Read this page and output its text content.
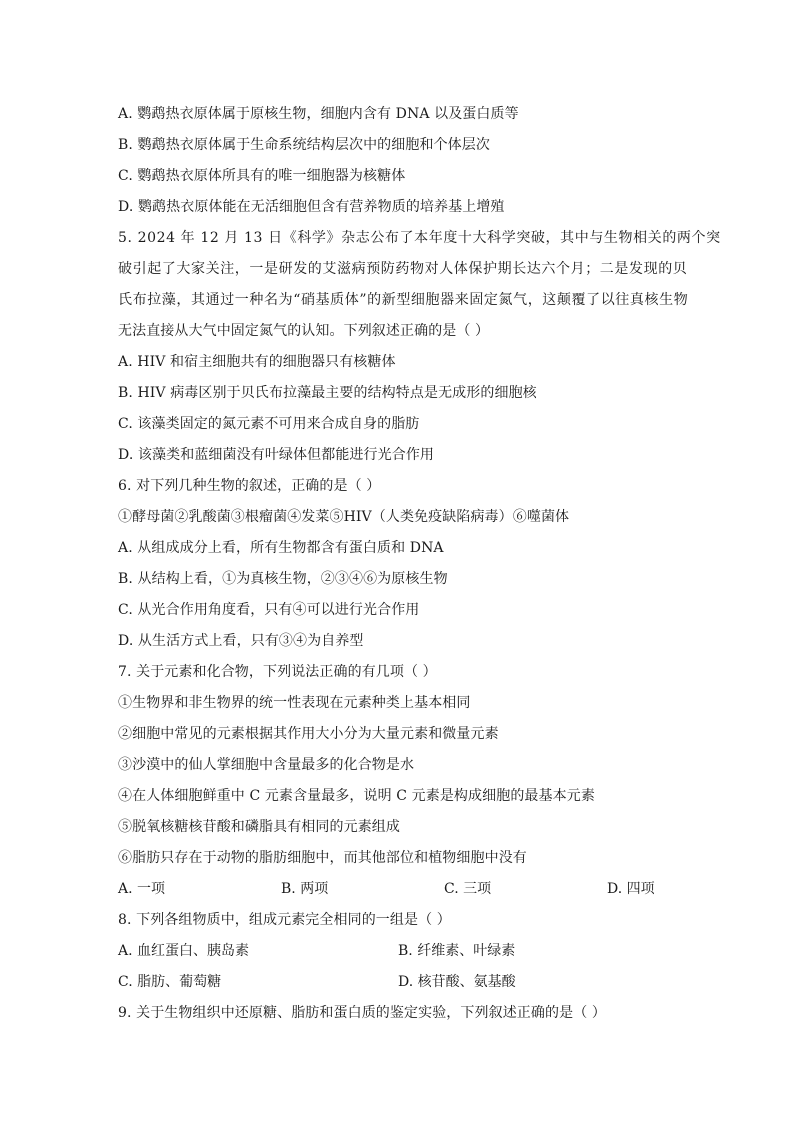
A. 鹦鹉热衣原体属于原核生物，细胞内含有 DNA 以及蛋白质等
B. 鹦鹉热衣原体属于生命系统结构层次中的细胞和个体层次
C. 鹦鹉热衣原体所具有的唯一细胞器为核糖体
D. 鹦鹉热衣原体能在无活细胞但含有营养物质的培养基上增殖
5. 2024 年 12 月 13 日《科学》杂志公布了本年度十大科学突破，其中与生物相关的两个突
破引起了大家关注，一是研发的艾滋病预防药物对人体保护期长达六个月；二是发现的贝
氏布拉藻，其通过一种名为“硝基质体”的新型细胞器来固定氮气，这颠覆了以往真核生物
无法直接从大气中固定氮气的认知。下列叙述正确的是（ ）
A. HIV 和宿主细胞共有的细胞器只有核糖体
B. HIV 病毒区别于贝氏布拉藻最主要的结构特点是无成形的细胞核
C. 该藻类固定的氮元素不可用来合成自身的脂肪
D. 该藻类和蓝细菌没有叶绿体但都能进行光合作用
6. 对下列几种生物的叙述，正确的是（ ）
①酵母菌②乳酸菌③根瘤菌④发菜⑤HIV（人类免疫缺陷病毒）⑥噬菌体
A. 从组成成分上看，所有生物都含有蛋白质和 DNA
B. 从结构上看，①为真核生物，②③④⑥为原核生物
C. 从光合作用角度看，只有④可以进行光合作用
D. 从生活方式上看，只有③④为自养型
7. 关于元素和化合物，下列说法正确的有几项（ ）
①生物界和非生物界的统一性表现在元素种类上基本相同
②细胞中常见的元素根据其作用大小分为大量元素和微量元素
③沙漠中的仙人掌细胞中含量最多的化合物是水
④在人体细胞鲜重中 C 元素含量最多，说明 C 元素是构成细胞的最基本元素
⑤脱氧核糖核苷酸和磷脂具有相同的元素组成
⑥脂肪只存在于动物的脂肪细胞中，而其他部位和植物细胞中没有
A. 一项	B. 两项	C. 三项	D. 四项
8. 下列各组物质中，组成元素完全相同的一组是（ ）
A. 血红蛋白、胰岛素	B. 纤维素、叶绿素
C. 脂肪、葡萄糖	D. 核苷酸、氨基酸
9. 关于生物组织中还原糖、脂肪和蛋白质的鉴定实验，下列叙述正确的是（ ）
